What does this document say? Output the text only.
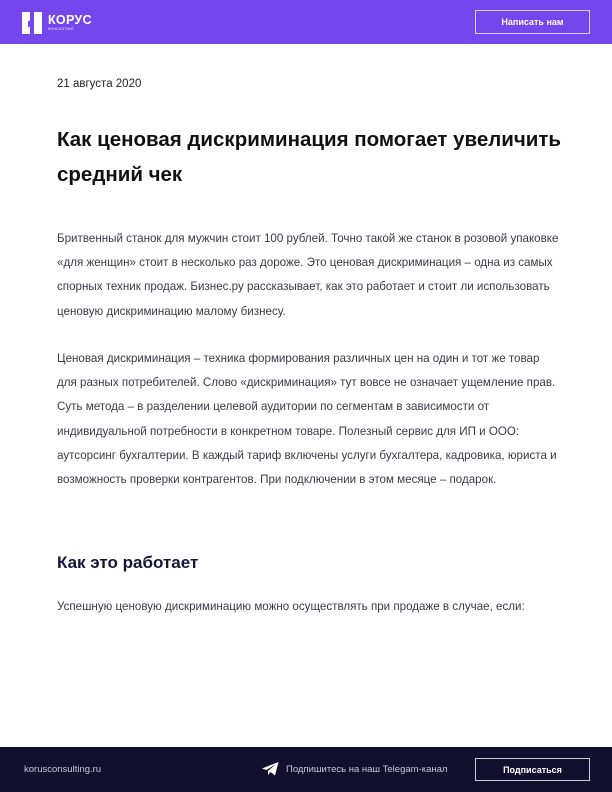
КОРУС
КОНСАЛТИНГ
Написать нам
21 августа 2020
Как ценовая дискриминация помогает увеличить средний чек

Бритвенный станок для мужчин стоит 100 рублей. Точно такой же станок в розовой упаковке «для женщин» стоит в несколько раз дороже. Это ценовая дискриминация – одна из самых спорных техник продаж. Бизнес.ру рассказывает, как это работает и стоит ли использовать ценовую дискриминацию малому бизнесу.

Ценовая дискриминация – техника формирования различных цен на один и тот же товар для разных потребителей. Слово «дискриминация» тут вовсе не означает ущемление прав. Суть метода – в разделении целевой аудитории по сегментам в зависимости от индивидуальной потребности в конкретном товаре. Полезный сервис для ИП и ООО: аутсорсинг бухгалтерии. В каждый тариф включены услуги бухгалтера, кадровика, юриста и возможность проверки контрагентов. При подключении в этом месяце – подарок.

Как это работает

Успешную ценовую дискриминацию можно осуществлять при продаже в случае, если:

korusconsulting.ru	Подпишитесь на наш Telegam-канал	Подписаться
